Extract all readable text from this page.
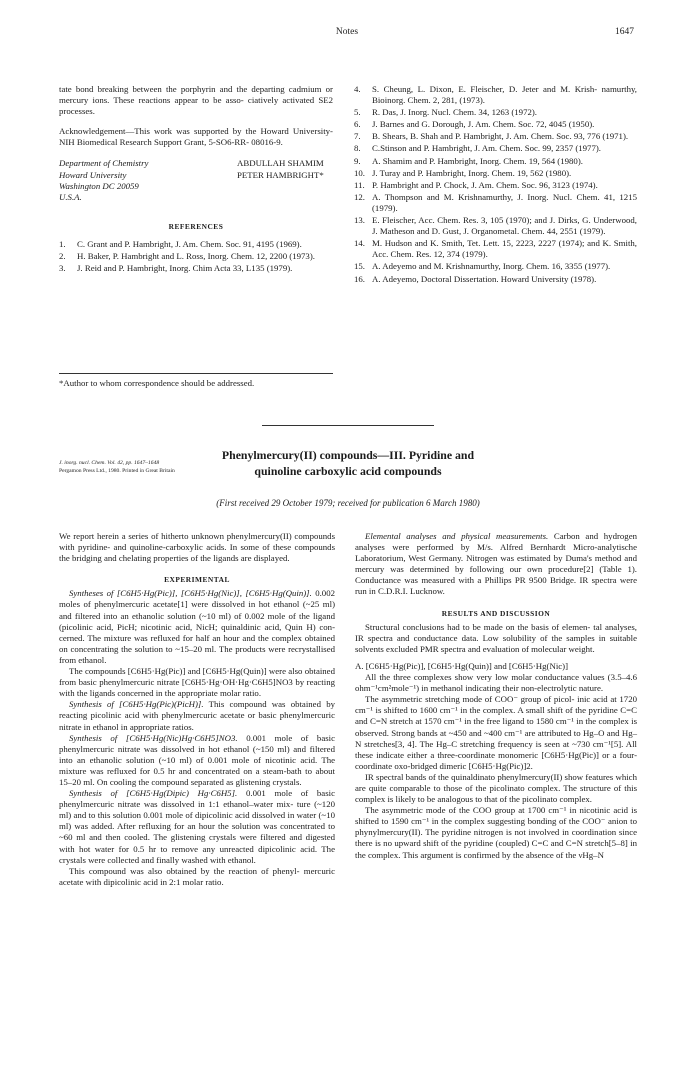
Notes	1647

tate bond breaking between the porphyrin and the departing cadmium or mercury ions. These reactions appear to be asso- ciatively activated SE2 processes.

Acknowledgement—This work was supported by the Howard University-NIH Biomedical Research Support Grant, 5-SO6-RR- 08016-9.

Department of Chemistry
Howard University
Washington DC 20059
U.S.A.
ABDULLAH SHAMIM
PETER HAMBRIGHT*
REFERENCES
1.	C. Grant and P. Hambright, J. Am. Chem. Soc. 91, 4195 (1969).
2.	H. Baker, P. Hambright and L. Ross, Inorg. Chem. 12, 2200 (1973).
3.	J. Reid and P. Hambright, Inorg. Chim Acta 33, L135 (1979).
*Author to whom correspondence should be addressed.
4.	S. Cheung, L. Dixon, E. Fleischer, D. Jeter and M. Krish- namurthy, Bioinorg. Chem. 2, 281, (1973).
5.	R. Das, J. Inorg. Nucl. Chem. 34, 1263 (1972).
6.	J. Barnes and G. Dorough, J. Am. Chem. Soc. 72, 4045 (1950).
7.	B. Shears, B. Shah and P. Hambright, J. Am. Chem. Soc. 93, 776 (1971).
8.	C.Stinson and P. Hambright, J. Am. Chem. Soc. 99, 2357 (1977).
9.	A. Shamim and P. Hambright, Inorg. Chem. 19, 564 (1980).
10. J. Turay and P. Hambright, Inorg. Chem. 19, 562 (1980).
11. P. Hambright and P. Chock, J. Am. Chem. Soc. 96, 3123 (1974).
12. A. Thompson and M. Krishnamurthy, J. Inorg. Nucl. Chem. 41, 1215 (1979).
13. E. Fleischer, Acc. Chem. Res. 3, 105 (1970); and J. Dirks, G. Underwood, J. Matheson and D. Gust, J. Organometal. Chem. 44, 2551 (1979).
14. M. Hudson and K. Smith, Tet. Lett. 15, 2223, 2227 (1974); and K. Smith, Acc. Chem. Res. 12, 374 (1979).
15. A. Adeyemo and M. Krishnamurthy, Inorg. Chem. 16, 3355 (1977).
16. A. Adeyemo, Doctoral Dissertation. Howard University (1978).
J. inorg. nucl. Chem. Vol. 42, pp. 1647–1648
Pergamon Press Ltd., 1980. Printed in Great Britain
Phenylmercury(II) compounds—III. Pyridine and
quinoline carboxylic acid compounds
(First received 29 October 1979; received for publication 6 March 1980)

We report herein a series of hitherto unknown phenylmercury(II) compounds with pyridine- and quinoline-carboxylic acids. In some of these compounds the bridging and chelating properties of the ligands are displayed.

EXPERIMENTAL

Syntheses of [C6H5·Hg(Pic)], [C6H5·Hg(Nic)], [C6H5·Hg(Quin)]. 0.002 moles of phenylmercuric acetate[1] were dissolved in hot ethanol (~25 ml) and filtered into an ethanolic solution (~10 ml) of 0.002 mole of the ligand (picolinic acid, PicH; nicotinic acid, NicH; quinaldinic acid, Quin H) con- cerned. The mixture was refluxed for half an hour and the complex obtained on concentrating the solution to ~15–20 ml. The products were recrystallised from ethanol.

The compounds [C6H5·Hg(Pic)] and [C6H5·Hg(Quin)] were also obtained from basic phenylmercuric nitrate [C6H5·Hg·OH·Hg·C6H5]NO3 by reacting with the ligands concerned in the appropriate molar ratio.

Synthesis of [C6H5·Hg(Pic)(PicH)]. This compound was obtained by reacting picolinic acid with phenylmercuric acetate or basic phenylmercuric nitrate in ethanol in appropriate ratios.

Synthesis of [C6H5·Hg(Nic)Hg·C6H5]NO3. 0.001 mole of basic phenylmercuric nitrate was dissolved in hot ethanol (~150 ml) and filtered into an ethanolic solution (~10 ml) of 0.001 mole of nicotinic acid. The mixture was refluxed for 0.5 hr and concentrated on a steam-bath to about 15–20 ml. On cooling the compound separated as glistening crystals.

Synthesis of [C6H5·Hg(Dipic) Hg·C6H5]. 0.001 mole of basic phenylmercuric nitrate was dissolved in 1:1 ethanol–water mix- ture (~120 ml) and to this solution 0.001 mole of dipicolinic acid dissolved in water (~10 ml) was added. After refluxing for an hour the solution was concentrated to ~60 ml and then cooled. The glistening crystals were filtered and digested with hot water for 0.5 hr to remove any unreacted dipicolinic acid. The crystals were collected and finally washed with ethanol.

This compound was also obtained by the reaction of phenyl- mercuric acetate with dipicolinic acid in 2:1 molar ratio.

Elemental analyses and physical measurements. Carbon and hydrogen analyses were performed by M/s. Alfred Bernhardt Micro-analytische Laboratorium, West Germany. Nitrogen was estimated by Duma's method and mercury was determined by following our own procedure[2] (Table 1). Conductance was measured with a Phillips PR 9500 Bridge. IR spectra were run in C.D.R.I. Lucknow.

RESULTS AND DISCUSSION

Structural conclusions had to be made on the basis of elemen- tal analyses, IR spectra and conductance data. Low solubility of the samples in suitable solvents excluded PMR spectra and evaluation of molecular weight.

A. [C6H5·Hg(Pic)], [C6H5·Hg(Quin)] and [C6H5·Hg(Nic)]

All the three complexes show very low molar conductance values (3.5–4.6 ohm⁻¹cm²mole⁻¹) in methanol indicating their non-electrolytic nature.

The asymmetric stretching mode of COO⁻ group of picol- inic acid at 1720 cm⁻¹ is shifted to 1600 cm⁻¹ in the complex. A small shift of the pyridine C=C and C=N stretch at 1570 cm⁻¹ in the free ligand to 1580 cm⁻¹ in the complex is observed. Strong bands at ~450 and ~400 cm⁻¹ are attributed to Hg–O and Hg–N stretches[3, 4]. The Hg–C stretching frequency is seen at ~730 cm⁻¹[5]. All these indicate either a three-coordinate monomeric [C6H5·Hg(Pic)] or a four-coordinate oxo-bridged dimeric [C6H5·Hg(Pic)]2.

IR spectral bands of the quinaldinato phenylmercury(II) show features which are quite comparable to those of the picolinato complex. The structure of this complex is likely to be analogous to that of the picolinato complex.

The asymmetric mode of the COO group at 1700 cm⁻¹ in nicotinic acid is shifted to 1590 cm⁻¹ in the complex suggesting bonding of the COO⁻ anion to phynylmercury(II). The pyridine nitrogen is not involved in coordination since there is no upward shift of the pyridine (coupled) C=C and C=N stretch[5–8] in the complex. This argument is confirmed by the absence of the νHg–N
